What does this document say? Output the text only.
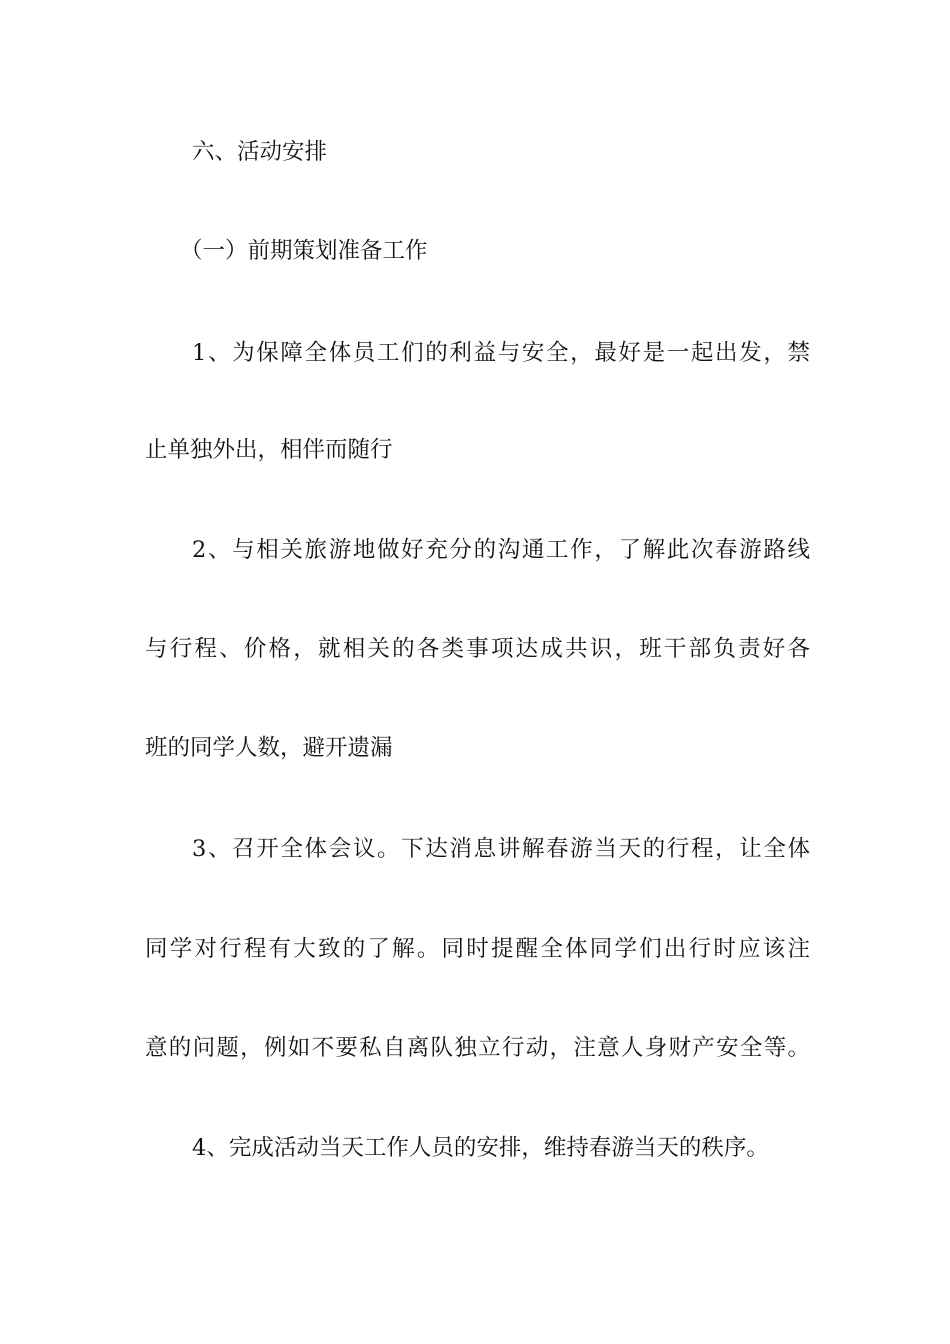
六、活动安排
（一）前期策划准备工作
1、为保障全体员工们的利益与安全，最好是一起出发，禁
止单独外出，相伴而随行
2、与相关旅游地做好充分的沟通工作，了解此次春游路线
与行程、价格，就相关的各类事项达成共识，班干部负责好各
班的同学人数，避开遗漏
3、召开全体会议。下达消息讲解春游当天的行程，让全体
同学对行程有大致的了解。同时提醒全体同学们出行时应该注
意的问题，例如不要私自离队独立行动，注意人身财产安全等。
4、完成活动当天工作人员的安排，维持春游当天的秩序。
